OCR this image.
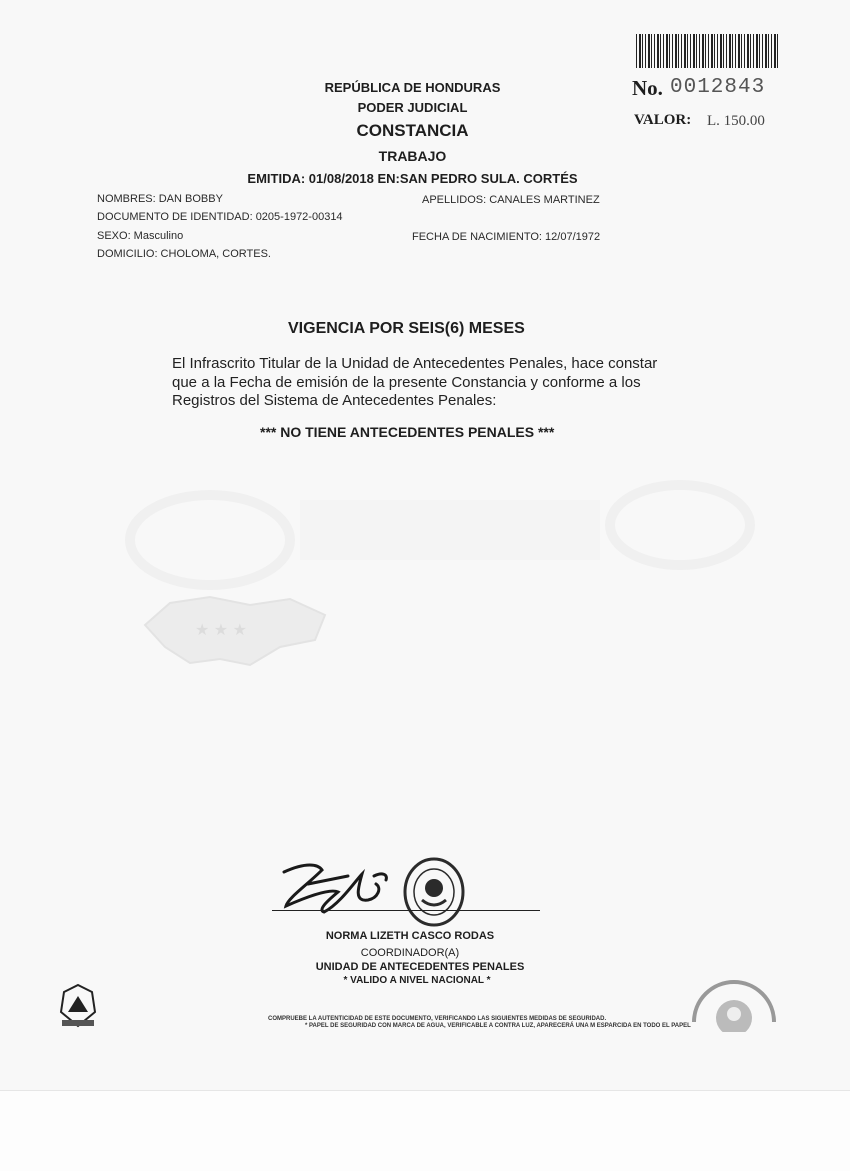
★ ★ ★
REPÚBLICA DE HONDURAS
PODER JUDICIAL
CONSTANCIA
TRABAJO
EMITIDA: 01/08/2018 EN:SAN PEDRO SULA. CORTÉS
No. 0012843
VALOR: L. 150.00
NOMBRES: DAN BOBBY	APELLIDOS: CANALES MARTINEZ
DOCUMENTO DE IDENTIDAD: 0205-1972-00314
SEXO: Masculino	FECHA DE NACIMIENTO: 12/07/1972
DOMICILIO: CHOLOMA, CORTES.
VIGENCIA POR SEIS(6) MESES
El Infrascrito Titular de la Unidad de Antecedentes Penales, hace constar
que a la Fecha de emisión de la presente Constancia y conforme a los
Registros del Sistema de Antecedentes Penales:
*** NO TIENE ANTECEDENTES PENALES ***
NORMA LIZETH CASCO RODAS
COORDINADOR(A)
UNIDAD DE ANTECEDENTES PENALES
* VALIDO A NIVEL NACIONAL *
COMPRUEBE LA AUTENTICIDAD DE ESTE DOCUMENTO, VERIFICANDO LAS SIGUIENTES MEDIDAS DE SEGURIDAD.
* PAPEL DE SEGURIDAD CON MARCA DE AGUA, VERIFICABLE A CONTRA LUZ, APARECERÁ UNA M ESPARCIDA EN TODO EL PAPEL
